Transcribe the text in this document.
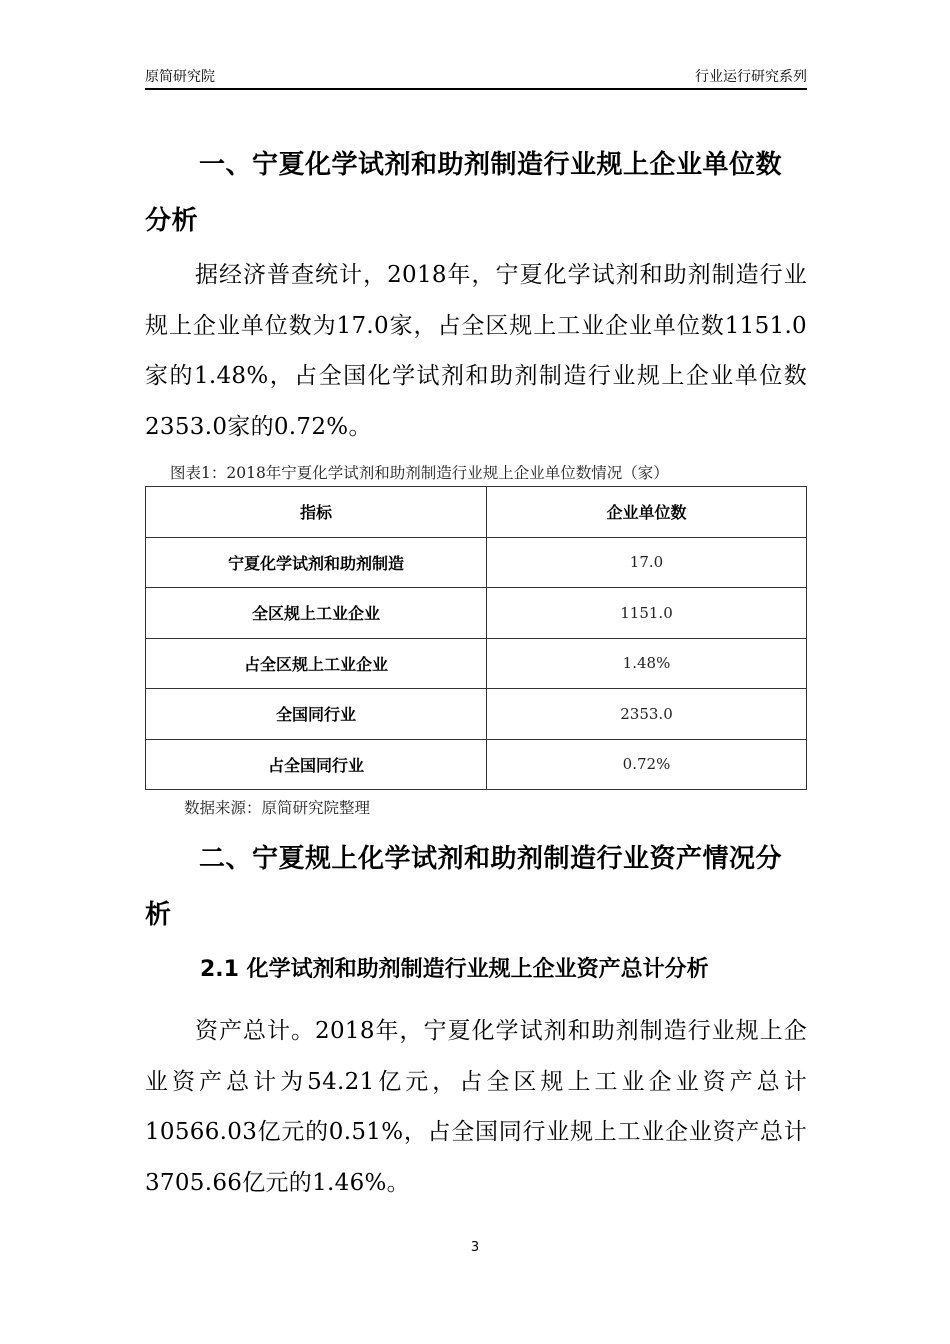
原简研究院	行业运行研究系列
一、宁夏化学试剂和助剂制造行业规上企业单位数分析
据经济普查统计，2018年，宁夏化学试剂和助剂制造行业规上企业单位数为17.0家，占全区规上工业企业单位数1151.0家的1.48%，占全国化学试剂和助剂制造行业规上企业单位数2353.0家的0.72%。
图表1：2018年宁夏化学试剂和助剂制造行业规上企业单位数情况（家）
指标	企业单位数
宁夏化学试剂和助剂制造	17.0
全区规上工业企业	1151.0
占全区规上工业企业	1.48%
全国同行业	2353.0
占全国同行业	0.72%
数据来源：原简研究院整理
二、宁夏规上化学试剂和助剂制造行业资产情况分析
2.1 化学试剂和助剂制造行业规上企业资产总计分析
资产总计。2018年，宁夏化学试剂和助剂制造行业规上企业资产总计为54.21亿元，占全区规上工业企业资产总计10566.03亿元的0.51%，占全国同行业规上工业企业资产总计3705.66亿元的1.46%。
3
